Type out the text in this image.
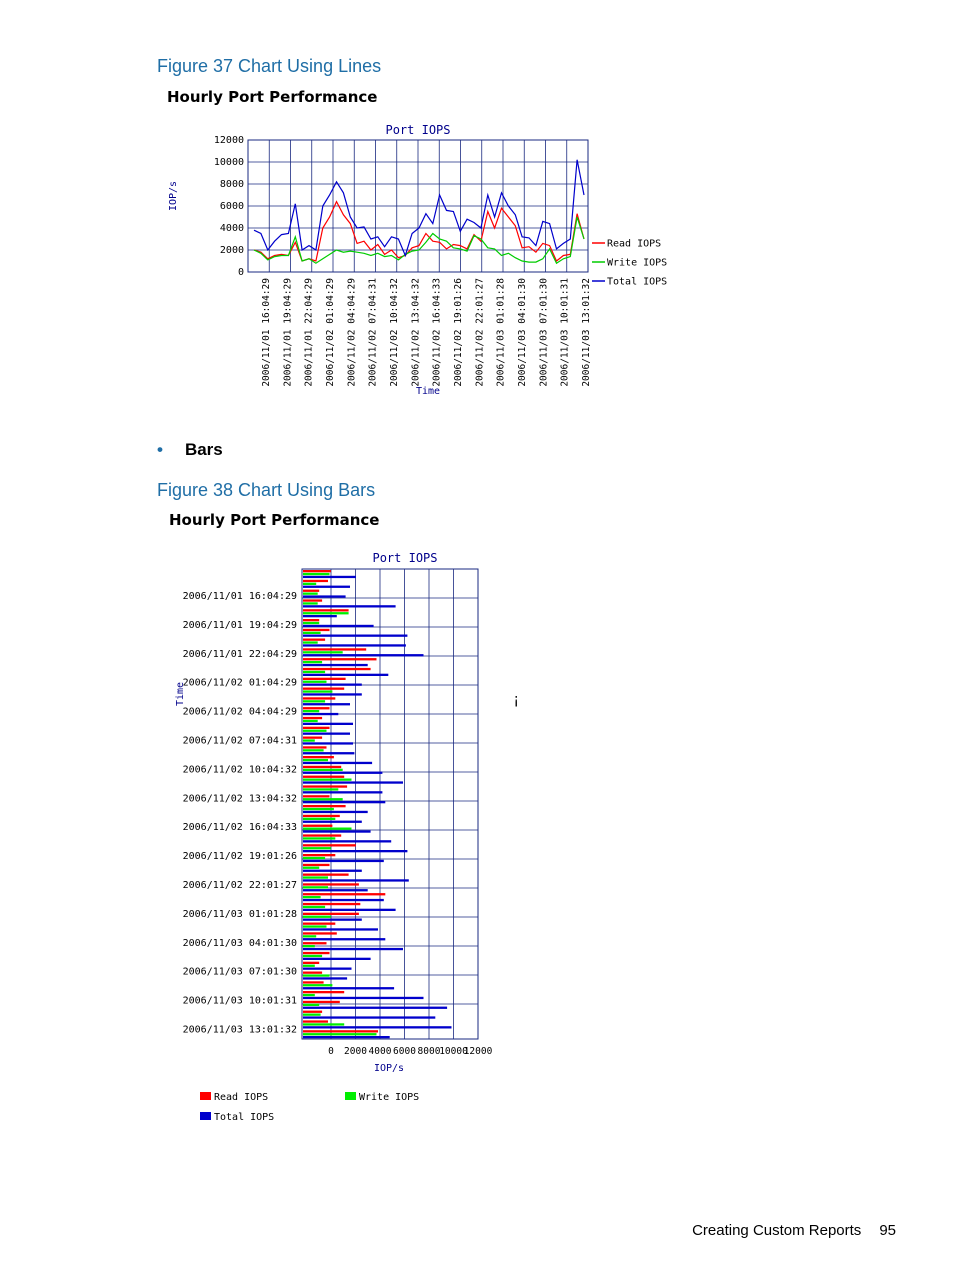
Figure 37 Chart Using Lines
Hourly Port Performance
Port IOPS
12000
10000
8000
6000
4000
2000
0
IOP/s
2006/11/01 16:04:29 2006/11/01 19:04:29 2006/11/01 22:04:29 2006/11/02 01:04:29 2006/11/02 04:04:29 2006/11/02 07:04:31 2006/11/02 10:04:32 2006/11/02 13:04:32 2006/11/02 16:04:33 2006/11/02 19:01:26 2006/11/02 22:01:27 2006/11/03 01:01:28 2006/11/03 04:01:30 2006/11/03 07:01:30 2006/11/03 10:01:31 2006/11/03 13:01:32
Time
Read IOPS
Write IOPS
Total IOPS
• Bars
Figure 38 Chart Using Bars
Hourly Port Performance
Port IOPS
2006/11/01 16:04:29
2006/11/01 19:04:29
2006/11/01 22:04:29
2006/11/02 01:04:29
2006/11/02 04:04:29
2006/11/02 07:04:31
2006/11/02 10:04:32
2006/11/02 13:04:32
2006/11/02 16:04:33
2006/11/02 19:01:26
2006/11/02 22:01:27
2006/11/03 01:01:28
2006/11/03 04:01:30
2006/11/03 07:01:30
2006/11/03 10:01:31
2006/11/03 13:01:32
Time
0 2000 4000 6000 8000
10000
12000
IOP/s
Read IOPS	Write IOPS
Total IOPS
¡
Creating Custom Reports 95
